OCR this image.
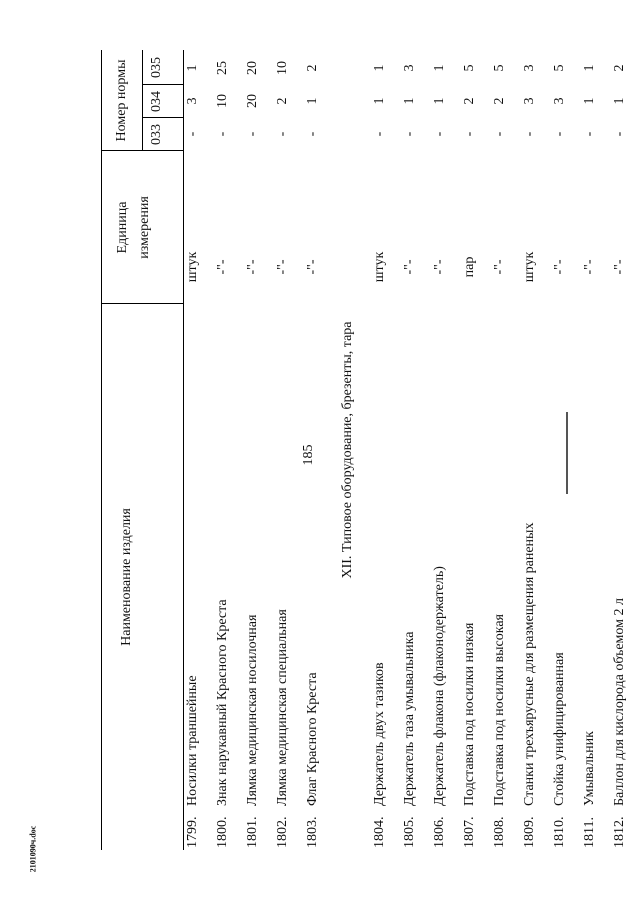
185
2101090ч.doc
Наименование изделия
Единица измерения
Номер нормы 033
034
035
1799.
Носилки траншейные
штук
-
3
1
1800.
Знак нарукавный Красного Креста
-"-
-
10
25
1801.
Лямка медицинская носилочная
-"-
-
20
20
1802.
Лямка медицинская специальная
-"-
-
2
10
1803.
Флаг Красного Креста
-"-
-
1
2
XII. Типовое оборудование, брезенты, тара
1804.
Держатель двух тазиков
штук
-
1
1
1805.
Держатель таза умывальника
-"-
-
1
3
1806.
Держатель флакона (флаконодержатель)
-"-
-
1
1
1807.
Подставка под носилки низкая
пар
-
2
5
1808.
Подставка под носилки высокая
-"-
-
2
5
1809.
Станки трехъярусные для размещения раненых
штук
-
3
3
1810.
Стойка унифицированная
-"-
-
3
5
1811.
Умывальник
-"-
-
1
1
1812.
Баллон для кислорода объемом 2 л
-"-
-
1
2
